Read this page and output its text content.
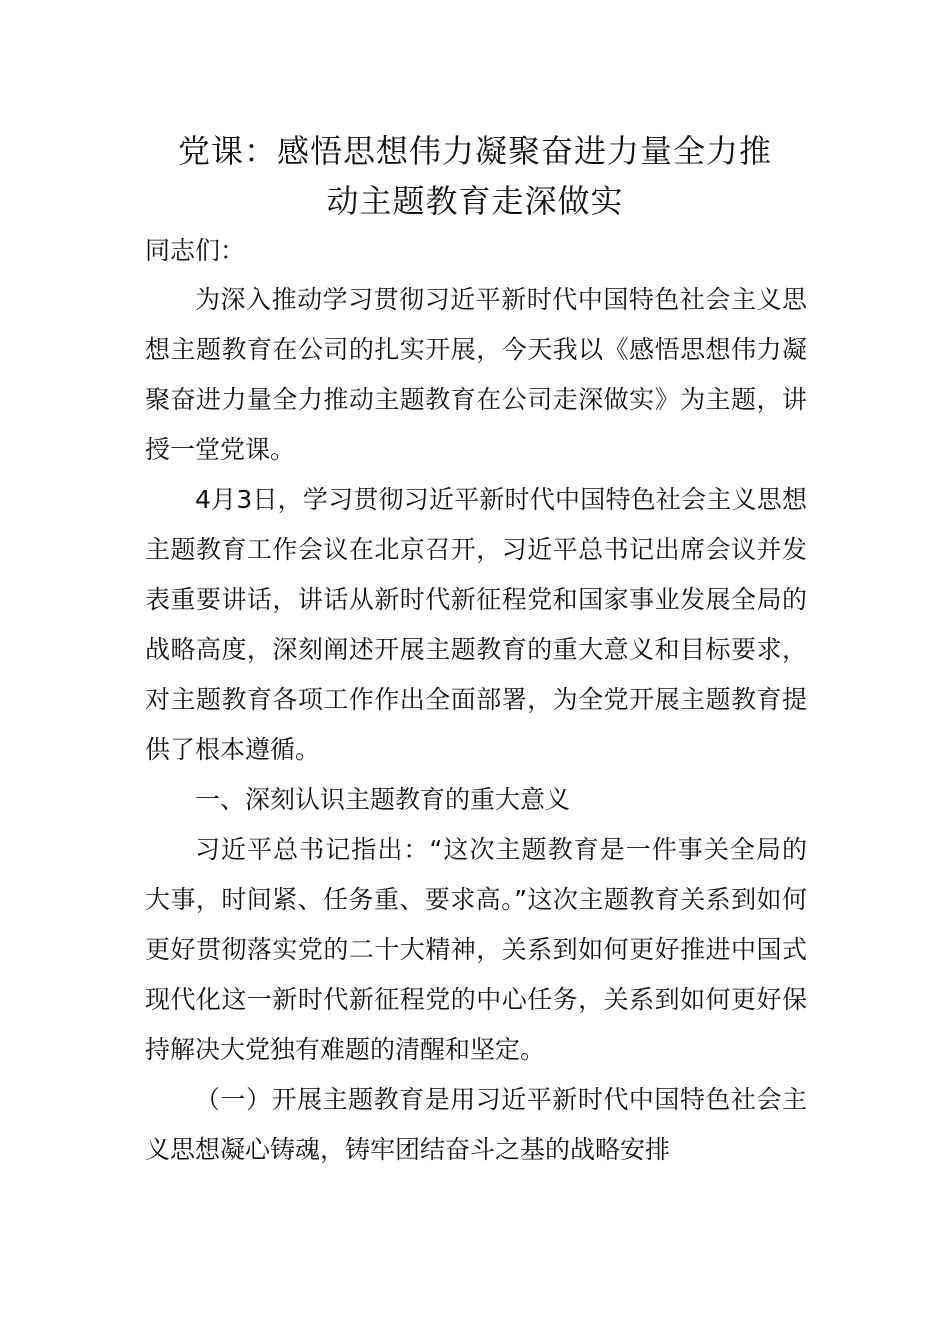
党课：感悟思想伟力凝聚奋进力量全力推
动主题教育走深做实
同志们：

为深入推动学习贯彻习近平新时代中国特色社会主义思想主题教育在公司的扎实开展，今天我以《感悟思想伟力凝聚奋进力量全力推动主题教育在公司走深做实》为主题，讲授一堂党课。

4月3日，学习贯彻习近平新时代中国特色社会主义思想主题教育工作会议在北京召开，习近平总书记出席会议并发表重要讲话，讲话从新时代新征程党和国家事业发展全局的战略高度，深刻阐述开展主题教育的重大意义和目标要求，对主题教育各项工作作出全面部署，为全党开展主题教育提供了根本遵循。

一、深刻认识主题教育的重大意义

习近平总书记指出：“这次主题教育是一件事关全局的大事，时间紧、任务重、要求高。”这次主题教育关系到如何更好贯彻落实党的二十大精神，关系到如何更好推进中国式现代化这一新时代新征程党的中心任务，关系到如何更好保持解决大党独有难题的清醒和坚定。

（一）开展主题教育是用习近平新时代中国特色社会主义思想凝心铸魂，铸牢团结奋斗之基的战略安排
